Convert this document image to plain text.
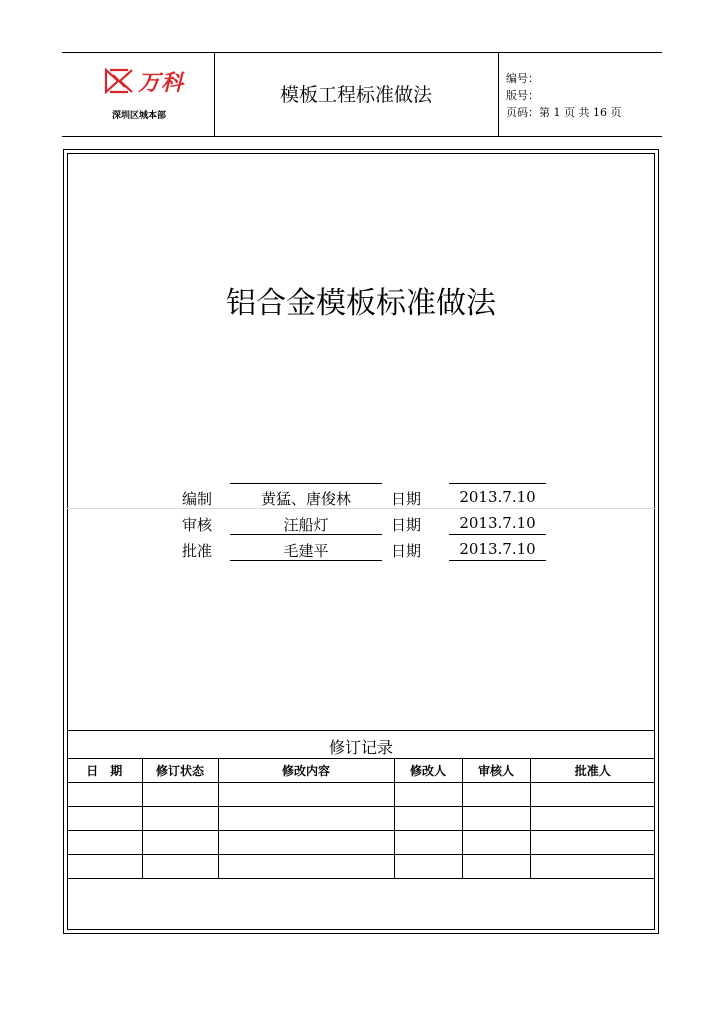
万科
深圳区城本部
模板工程标准做法
编号：
版号：
页码：第 1 页 共 16 页
铝合金模板标准做法
编制	黄猛、唐俊林	日期	2013.7.10
审核	汪船灯	日期	2013.7.10
批准	毛建平	日期	2013.7.10
修订记录
日　期	修订状态	修改内容	修改人	审核人	批准人
